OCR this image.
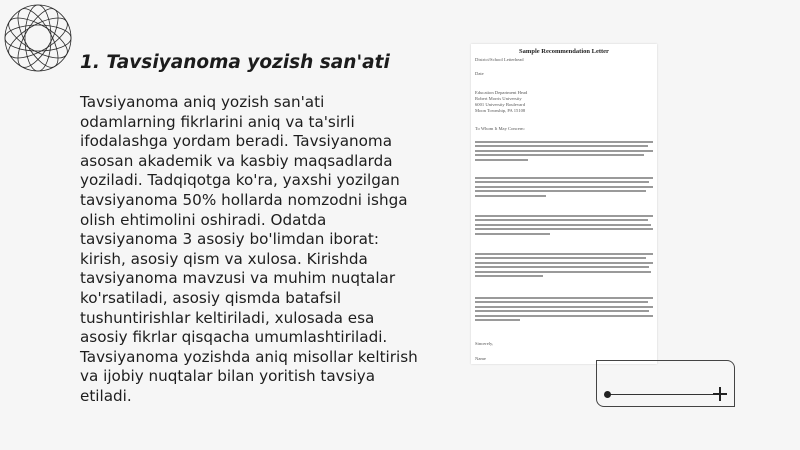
1. Tavsiyanoma yozish san'ati

Tavsiyanoma aniq yozish san'ati odamlarning fikrlarini aniq va ta'sirli ifodalashga yordam beradi. Tavsiyanoma asosan akademik va kasbiy maqsadlarda yoziladi. Tadqiqotga ko'ra, yaxshi yozilgan tavsiyanoma 50% hollarda nomzodni ishga olish ehtimolini oshiradi. Odatda tavsiyanoma 3 asosiy bo'limdan iborat: kirish, asosiy qism va xulosa. Kirishda tavsiyanoma mavzusi va muhim nuqtalar ko'rsatiladi, asosiy qismda batafsil tushuntirishlar keltiriladi, xulosada esa asosiy fikrlar qisqacha umumlashtiriladi. Tavsiyanoma yozishda aniq misollar keltirish va ijobiy nuqtalar bilan yoritish tavsiya etiladi.

Sample Recommendation Letter
District/School Letterhead
Date
Education Department Head
Robert Morris University
6001 University Boulevard
Moon Township, PA 15108
To Whom It May Concern:
Sincerely,
Name
